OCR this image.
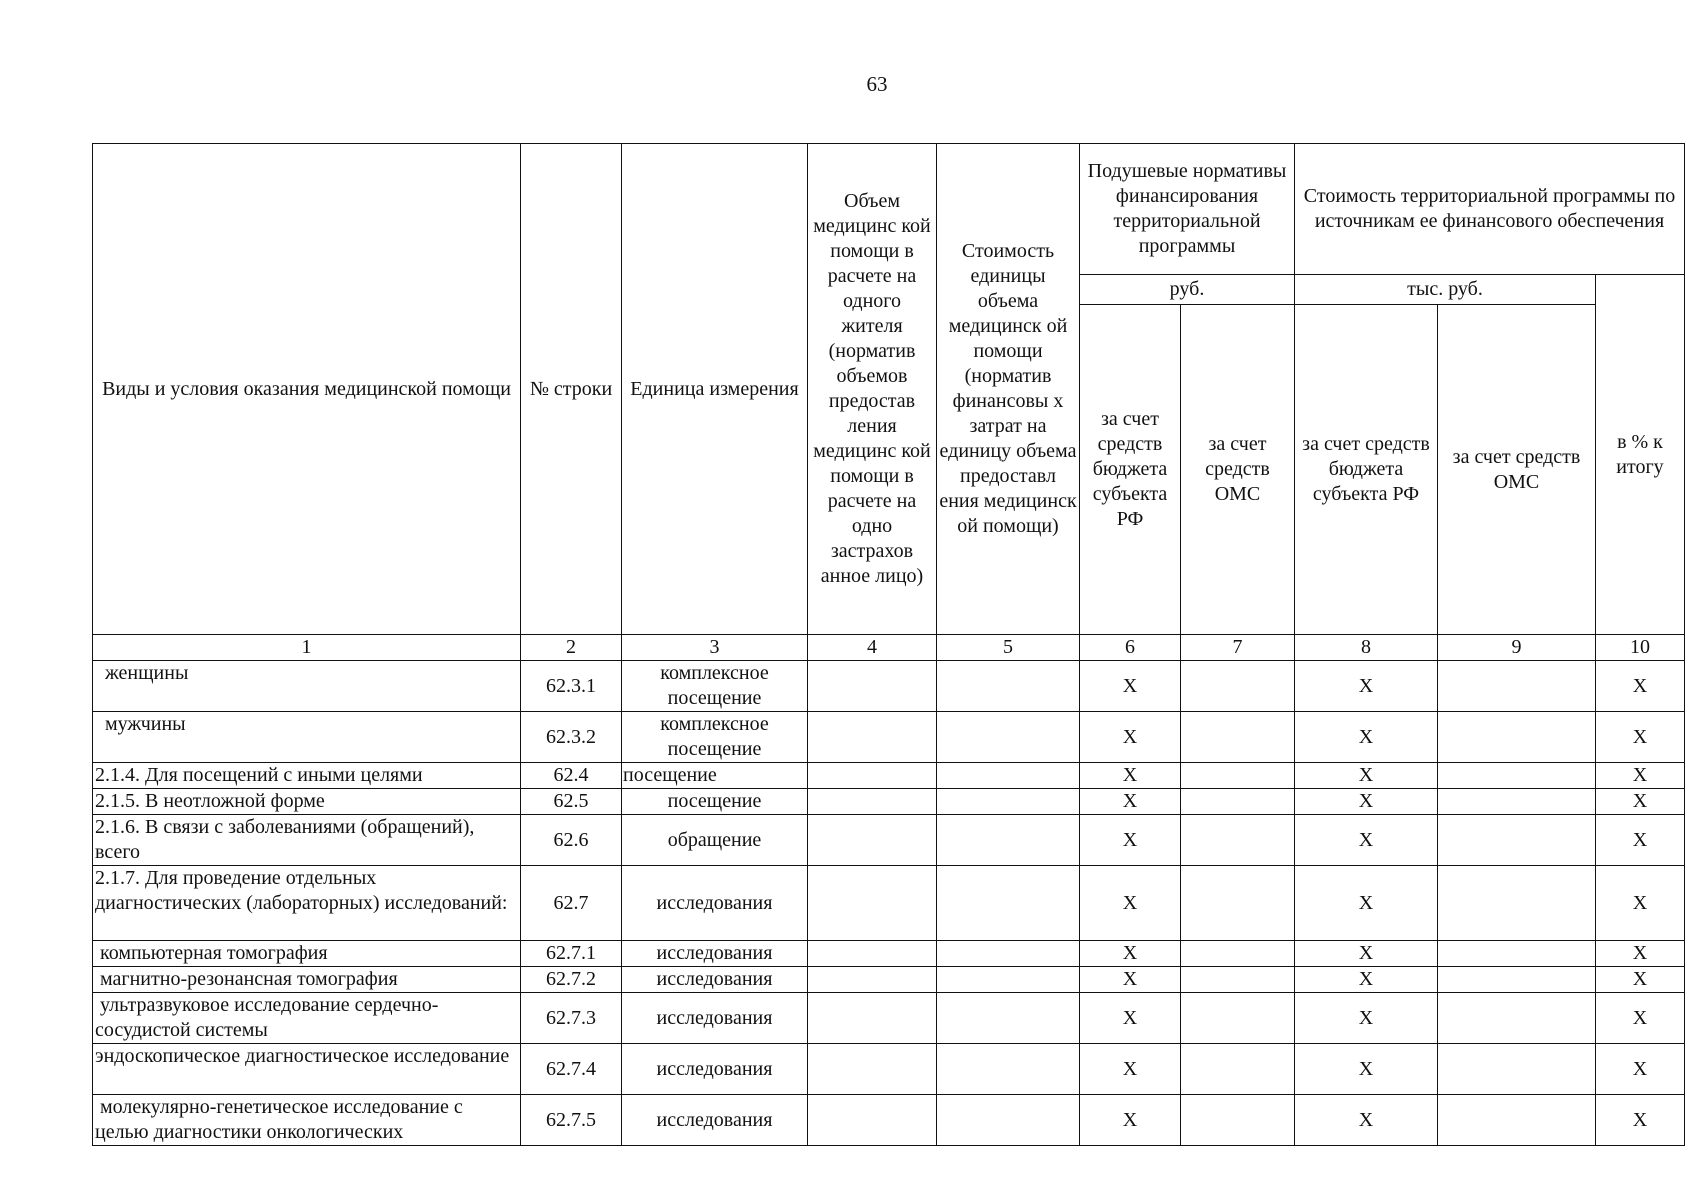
63
Виды и условия оказания медицинской помощи	№ строки	Единица измерения	Объем медицинс кой помощи в расчете на одного жителя (норматив объемов предостав ления медицинс кой помощи в расчете на одно застрахов анное лицо)	Стоимость единицы объема медицинск ой помощи (норматив финансовы х затрат на единицу объема предоставл ения медицинск ой помощи)	Подушевые нормативы финансирования территориальной программы		Стоимость территориальной программы по источникам ее финансового обеспечения		
					руб.		тыс. руб.		в % к итогу
					за счет средств бюджета субъекта РФ	за счет средств ОМС	за счет средств бюджета субъекта РФ	за счет средств ОМС	
1	2	3	4	5	6	7	8	9	10
женщины	62.3.1	комплексное посещение			Х		Х		Х
мужчины	62.3.2	комплексное посещение			Х		Х		Х
2.1.4. Для посещений с иными целями	62.4	посещение			Х		Х		Х
2.1.5. В неотложной форме	62.5	посещение			Х		Х		Х
2.1.6. В связи с заболеваниями (обращений), всего	62.6	обращение			Х		Х		Х
2.1.7. Для проведение отдельных диагностических (лабораторных) исследований:	62.7	исследования			Х		Х		Х
компьютерная томография	62.7.1	исследования			Х		Х		Х
магнитно-резонансная томография	62.7.2	исследования			Х		Х		Х
ультразвуковое исследование сердечно-сосудистой системы	62.7.3	исследования			Х		Х		Х
эндоскопическое диагностическое исследование	62.7.4	исследования			Х		Х		Х
молекулярно-генетическое исследование с целью диагностики онкологических	62.7.5	исследования			Х		Х		Х
